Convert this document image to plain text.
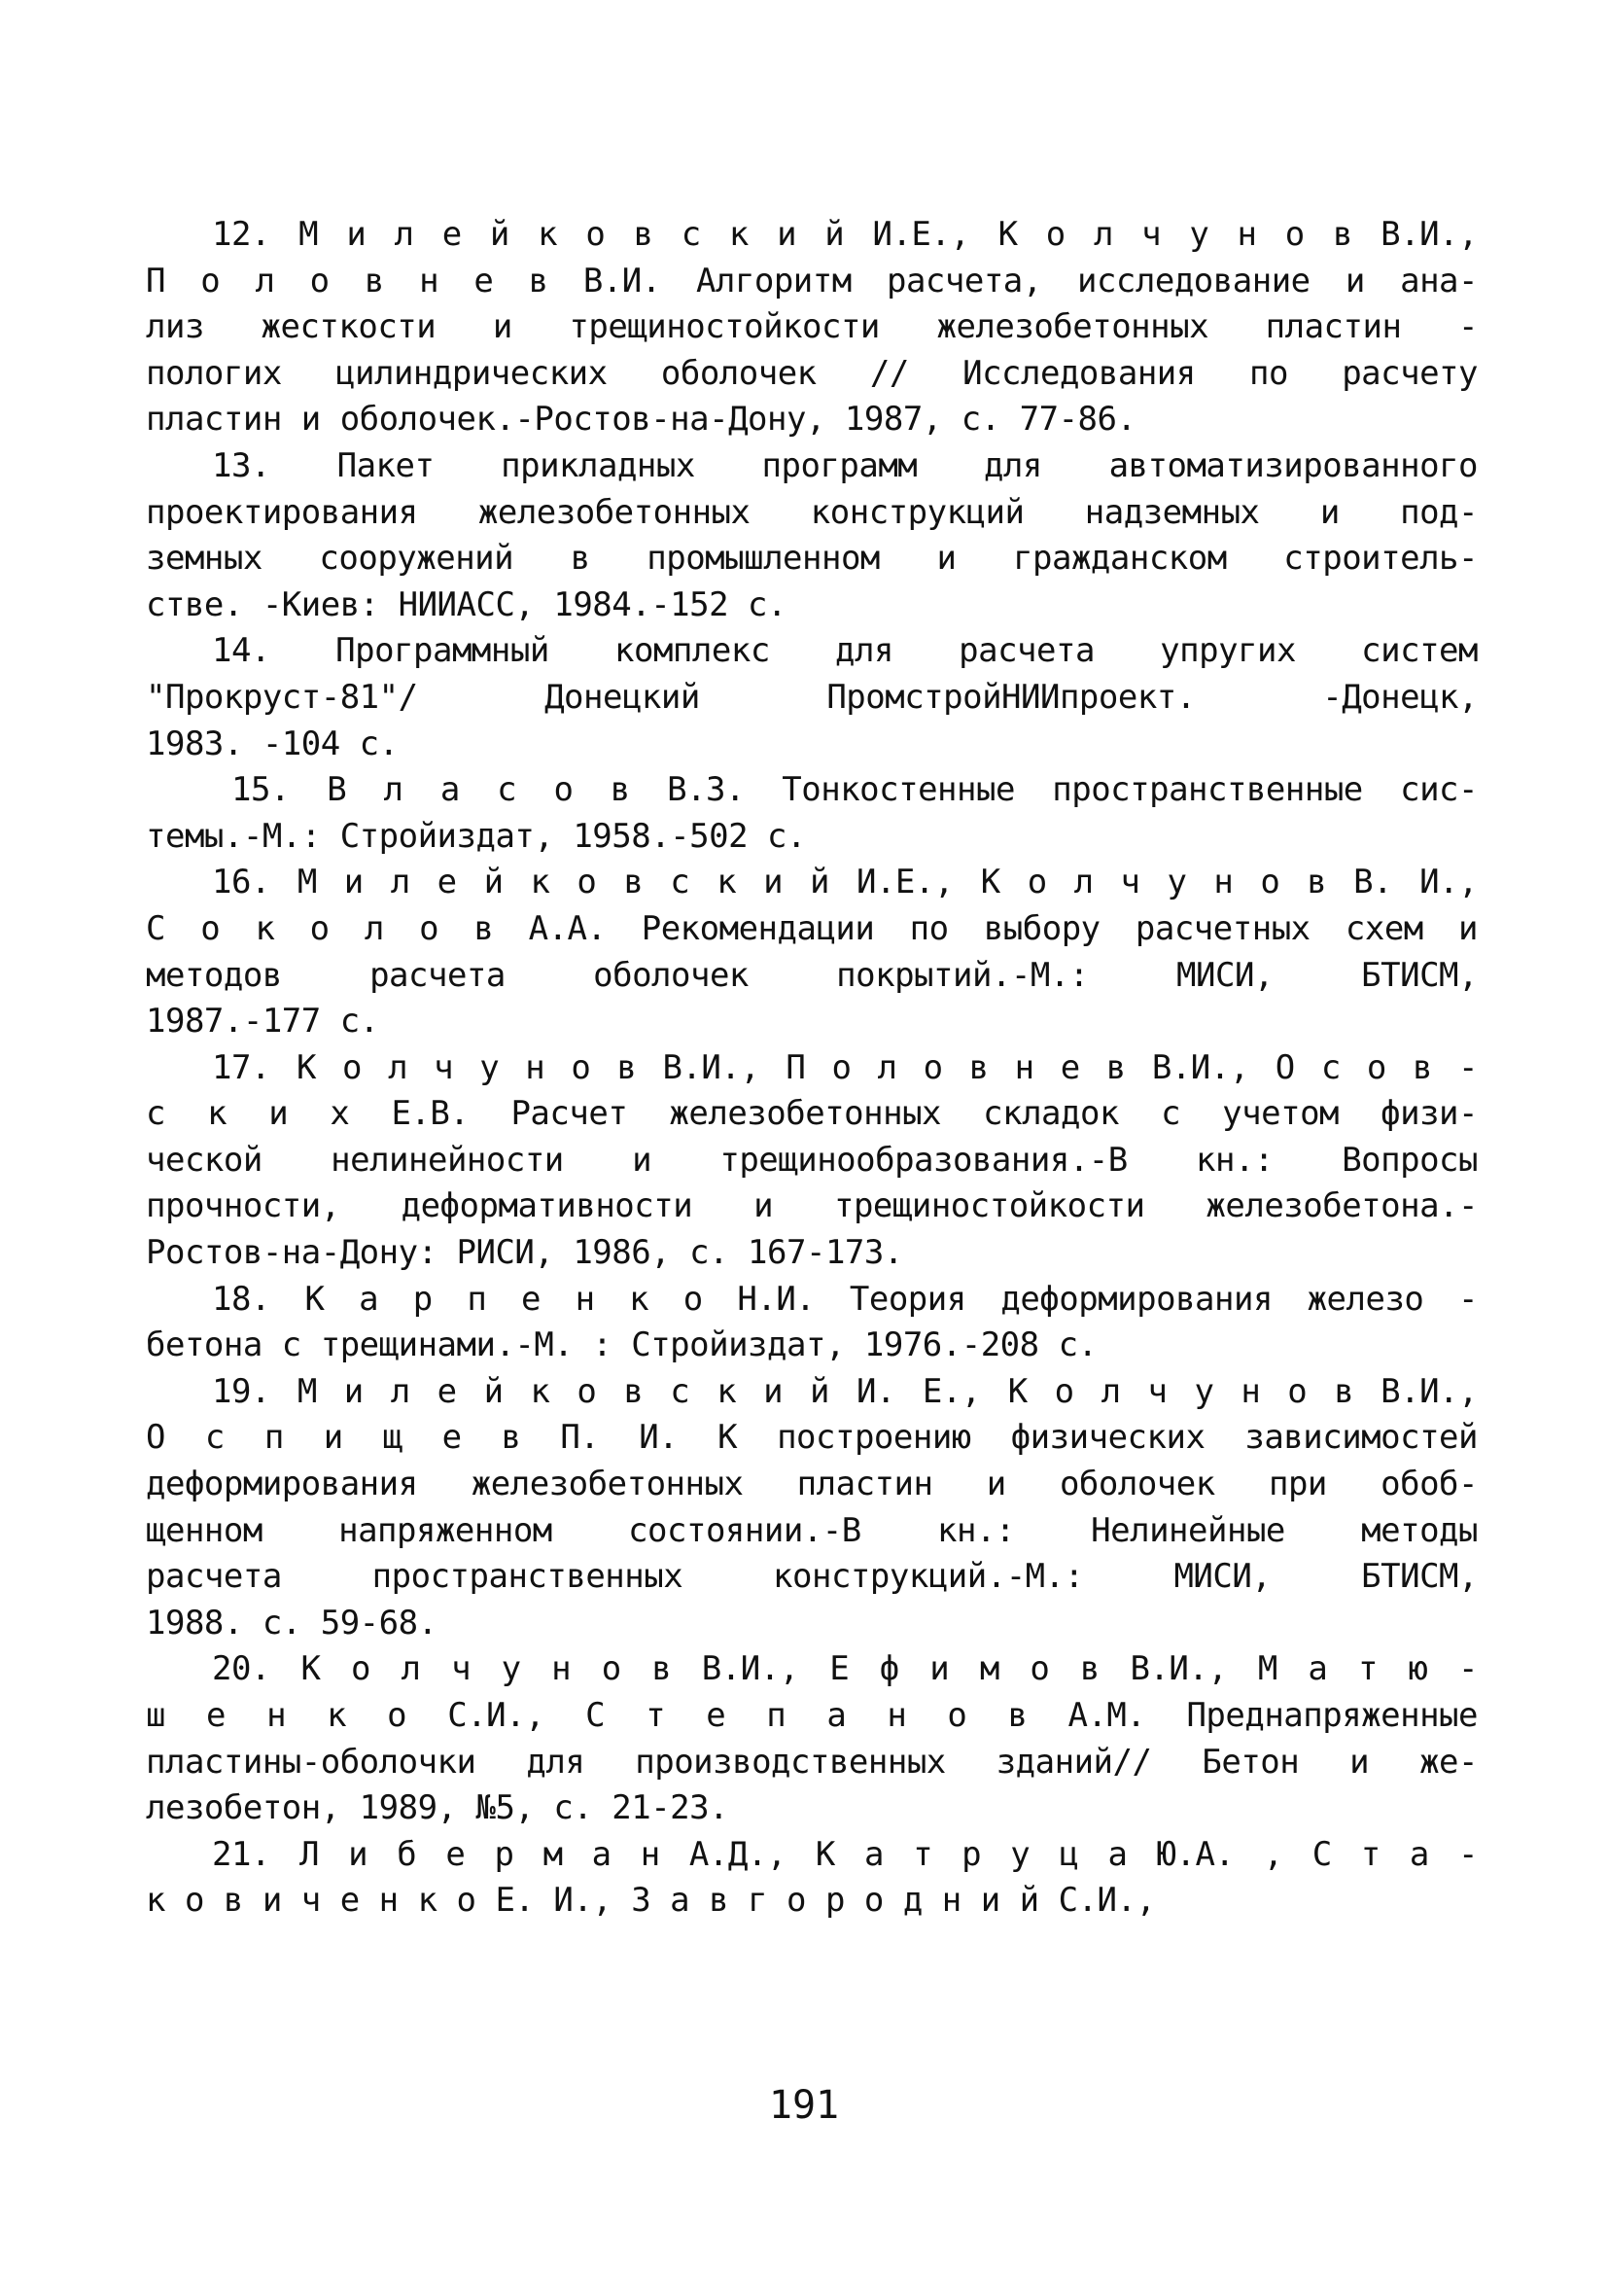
12. М и л е й к о в с к и й И.Е., К о л ч у н о в В.И.,
П о л о в н е в В.И. Алгоритм расчета, исследование и ана-
лиз жесткости и трещиностойкости железобетонных пластин -
пологих цилиндрических оболочек // Исследования по расчету
пластин и оболочек.-Ростов-на-Дону, 1987, с. 77-86.
13. Пакет прикладных программ для автоматизированного
проектирования железобетонных конструкций надземных и под-
земных сооружений в промышленном и гражданском строитель-
стве. -Киев: НИИАСС, 1984.-152 с.
14. Программный комплекс для расчета упругих систем
"Прокруст-81"/ Донецкий ПромстройНИИпроект. -Донецк,
1983. -104 с.
15. В л а с о в В.З. Тонкостенные пространственные сис-
темы.-М.: Стройиздат, 1958.-502 с.
16. М и л е й к о в с к и й И.Е., К о л ч у н о в В. И.,
С о к о л о в А.А. Рекомендации по выбору расчетных схем и
методов расчета оболочек покрытий.-М.: МИСИ, БТИСМ,
1987.-177 с.
17. К о л ч у н о в В.И., П о л о в н е в В.И., О с о в -
с к и х Е.В. Расчет железобетонных складок с учетом физи-
ческой нелинейности и трещинообразования.-В кн.: Вопросы
прочности, деформативности и трещиностойкости железобетона.-
Ростов-на-Дону: РИСИ, 1986, с. 167-173.
18. К а р п е н к о Н.И. Теория деформирования железо -
бетона с трещинами.-М. : Стройиздат, 1976.-208 с.
19. М и л е й к о в с к и й И. Е., К о л ч у н о в В.И.,
О с п и щ е в П. И. К построению физических зависимостей
деформирования железобетонных пластин и оболочек при обоб-
щенном напряженном состоянии.-В кн.: Нелинейные методы
расчета пространственных конструкций.-М.: МИСИ, БТИСМ,
1988. с. 59-68.
20. К о л ч у н о в В.И., Е ф и м о в В.И., М а т ю -
ш е н к о С.И., С т е п а н о в А.М. Преднапряженные
пластины-оболочки для производственных зданий// Бетон и же-
лезобетон, 1989, №5, с. 21-23.
21. Л и б е р м а н А.Д., К а т р у ц а Ю.А. , С т а -
к о в и ч е н к о Е. И., З а в г о р о д н и й С.И.,
191
